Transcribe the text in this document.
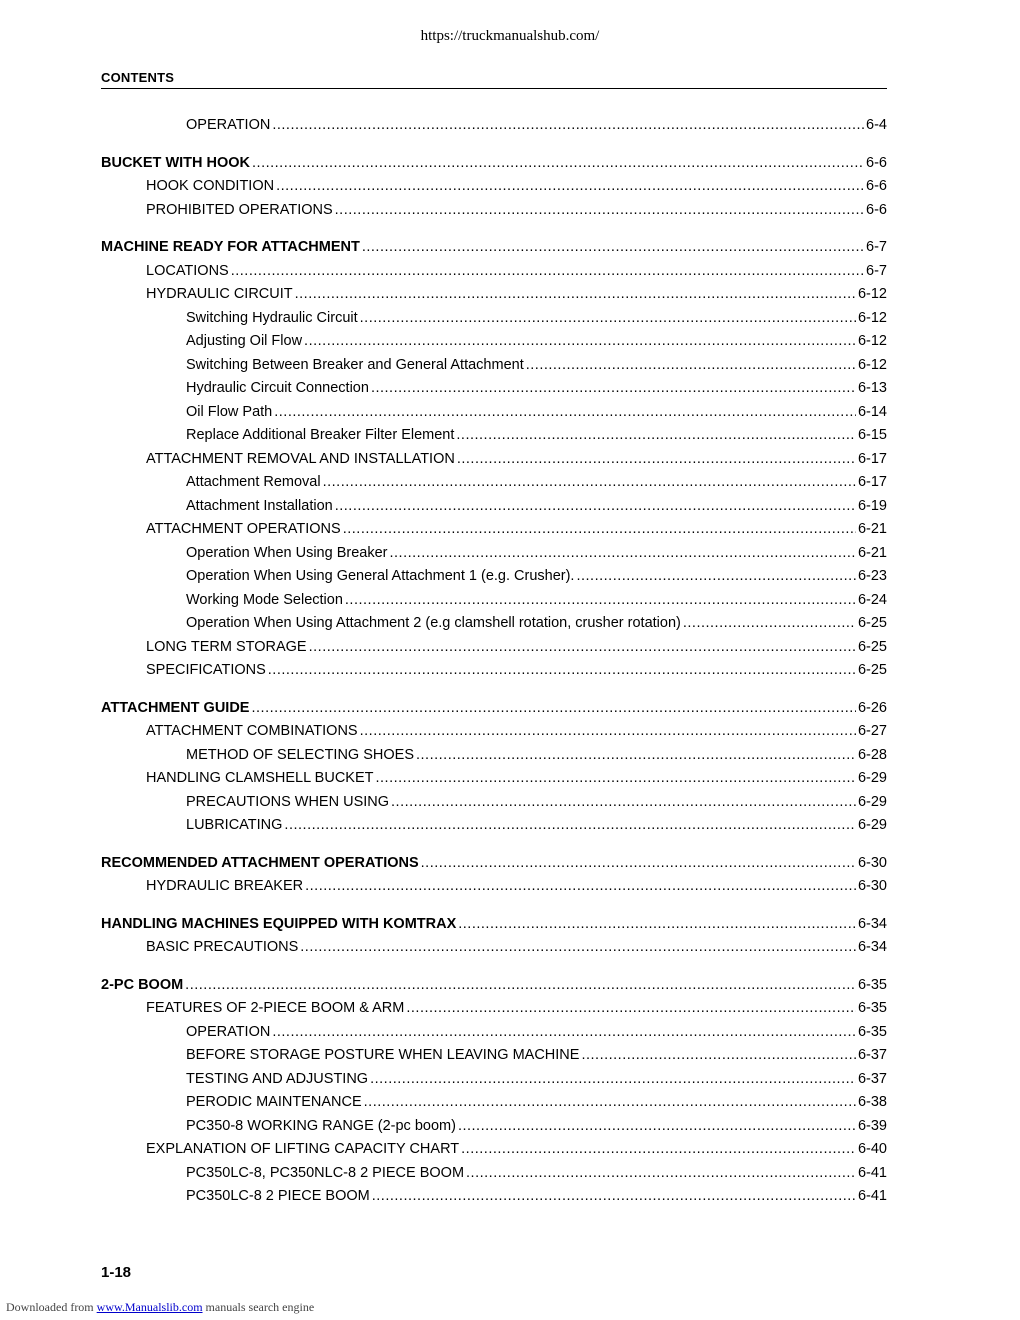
https://truckmanualshub.com/
CONTENTS
OPERATION .....	6-4
BUCKET WITH HOOK .....	6-6
HOOK CONDITION .....	6-6
PROHIBITED OPERATIONS .....	6-6
MACHINE READY FOR ATTACHMENT .....	6-7
LOCATIONS .....	6-7
HYDRAULIC CIRCUIT .....	6-12
Switching Hydraulic Circuit .....	6-12
Adjusting Oil Flow .....	6-12
Switching Between Breaker and General Attachment .....	6-12
Hydraulic Circuit Connection .....	6-13
Oil Flow Path .....	6-14
Replace Additional Breaker Filter Element .....	6-15
ATTACHMENT REMOVAL AND INSTALLATION .....	6-17
Attachment Removal .....	6-17
Attachment Installation .....	6-19
ATTACHMENT OPERATIONS .....	6-21
Operation When Using Breaker .....	6-21
Operation When Using General Attachment 1 (e.g. Crusher). .....	6-23
Working Mode Selection .....	6-24
Operation When Using Attachment 2 (e.g clamshell rotation, crusher rotation) .....	6-25
LONG TERM STORAGE .....	6-25
SPECIFICATIONS .....	6-25
ATTACHMENT GUIDE .....	6-26
ATTACHMENT COMBINATIONS .....	6-27
METHOD OF SELECTING SHOES .....	6-28
HANDLING CLAMSHELL BUCKET .....	6-29
PRECAUTIONS WHEN USING .....	6-29
LUBRICATING .....	6-29
RECOMMENDED ATTACHMENT OPERATIONS .....	6-30
HYDRAULIC BREAKER .....	6-30
HANDLING MACHINES EQUIPPED WITH KOMTRAX .....	6-34
BASIC PRECAUTIONS .....	6-34
2-PC BOOM .....	6-35
FEATURES OF 2-PIECE BOOM & ARM .....	6-35
OPERATION .....	6-35
BEFORE STORAGE POSTURE WHEN LEAVING MACHINE .....	6-37
TESTING AND ADJUSTING .....	6-37
PERODIC MAINTENANCE .....	6-38
PC350-8 WORKING RANGE (2-pc boom) .....	6-39
EXPLANATION OF LIFTING CAPACITY CHART .....	6-40
PC350LC-8, PC350NLC-8 2 PIECE BOOM .....	6-41
PC350LC-8 2 PIECE BOOM .....	6-41
1-18
Downloaded from www.Manualslib.com manuals search engine
